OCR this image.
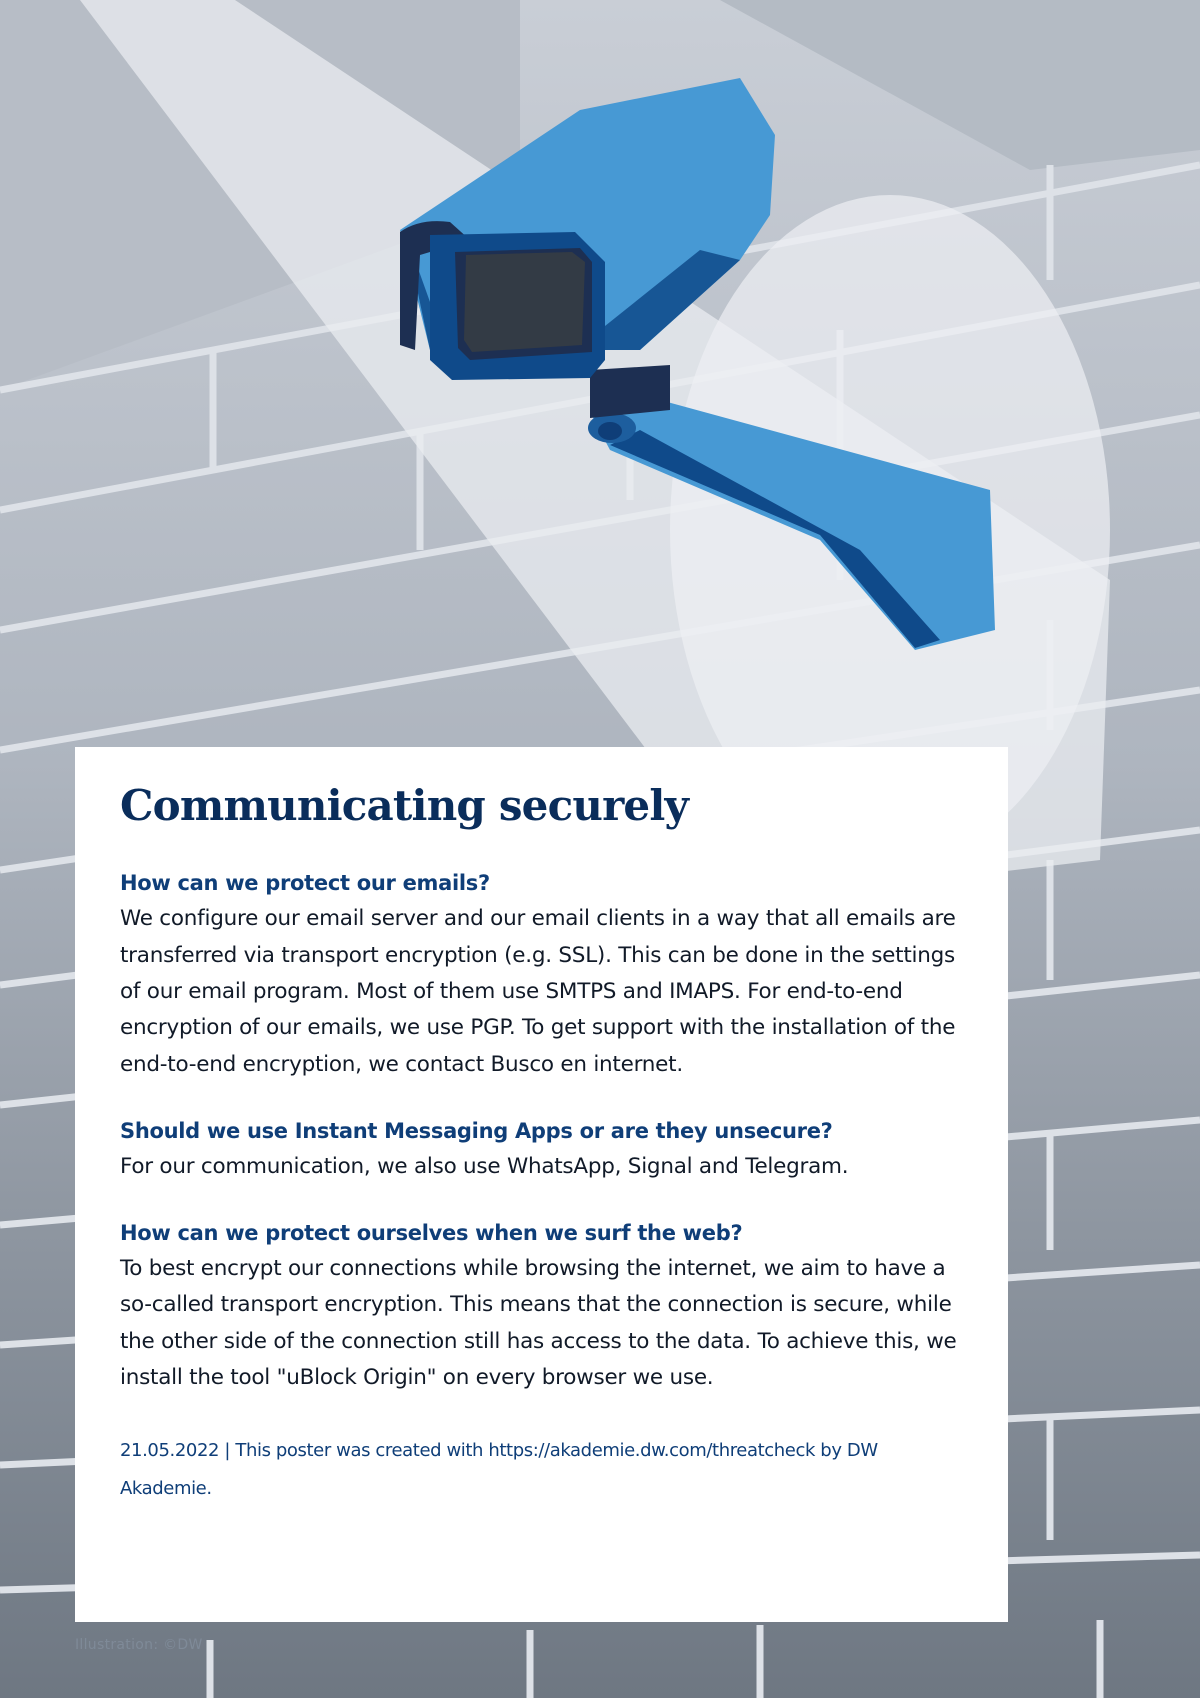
Communicating securely
How can we protect our emails?
We configure our email server and our email clients in a way that all emails are transferred via transport encryption (e.g. SSL). This can be done in the settings of our email program. Most of them use SMTPS and IMAPS. For end-to-end encryption of our emails, we use PGP. To get support with the installation of the end-to-end encryption, we contact Busco en internet.
Should we use Instant Messaging Apps or are they unsecure?
For our communication, we also use WhatsApp, Signal and Telegram.
How can we protect ourselves when we surf the web?
To best encrypt our connections while browsing the internet, we aim to have a so-called transport encryption. This means that the connection is secure, while the other side of the connection still has access to the data. To achieve this, we install the tool "uBlock Origin" on every browser we use.
21.05.2022 | This poster was created with https://akademie.dw.com/threatcheck by DW Akademie.
Illustration: ©DW
